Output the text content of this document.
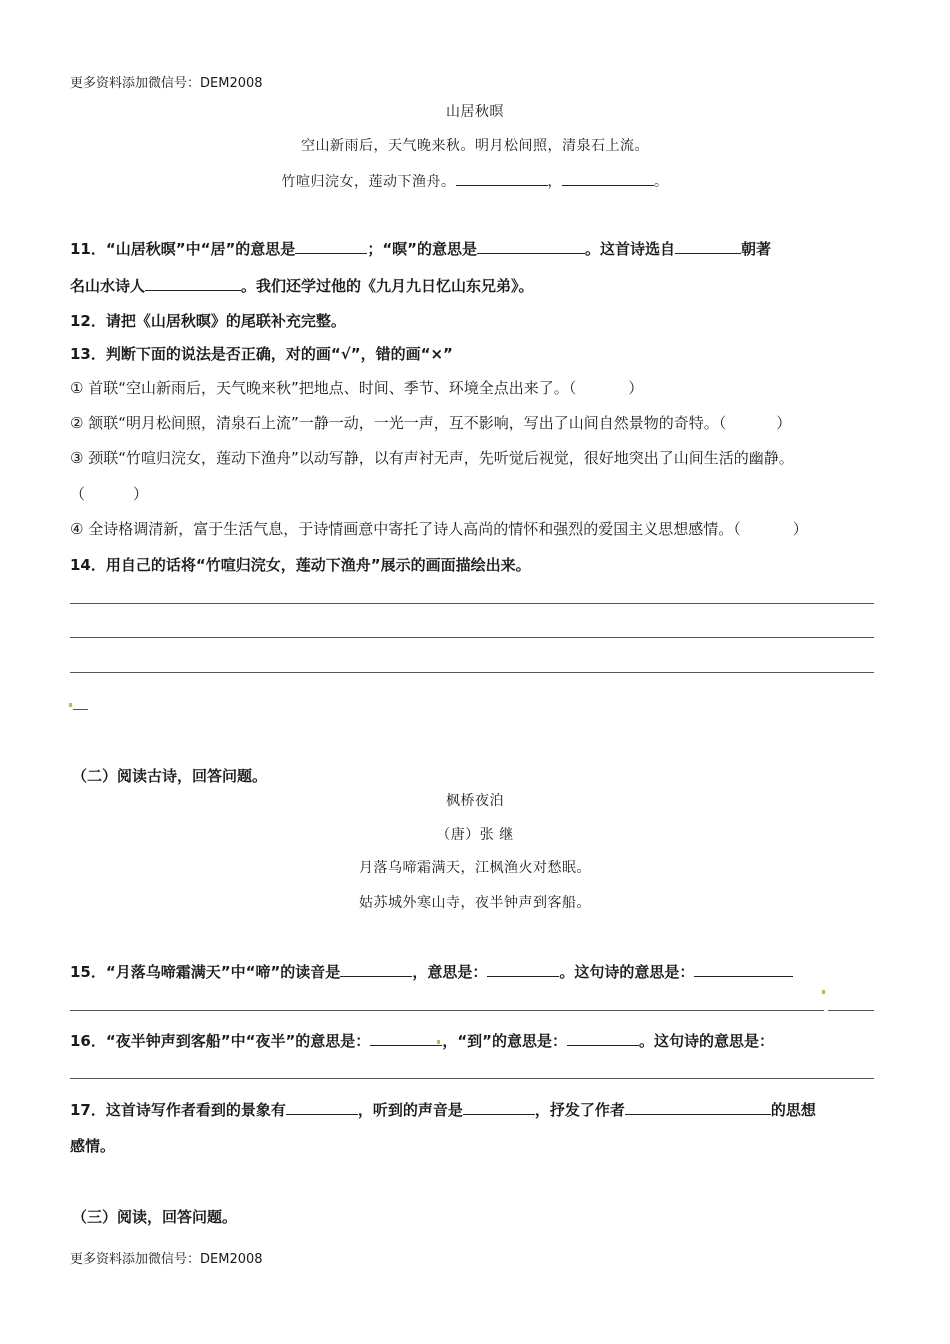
更多资料添加微信号：DEM2008
山居秋暝
空山新雨后，天气晚来秋。明月松间照，清泉石上流。
竹喧归浣女，莲动下渔舟。	，	。
11．“山居秋暝”中“居”的意思是	；“暝”的意思是	。这首诗选自	朝著
名山水诗人	。我们还学过他的《九月九日忆山东兄弟》。
12．请把《山居秋暝》的尾联补充完整。
13．判断下面的说法是否正确，对的画“√”，错的画“×”
① 首联“空山新雨后，天气晚来秋”把地点、时间、季节、环境全点出来了。（	）
② 颔联“明月松间照，清泉石上流”一静一动，一光一声，互不影响，写出了山间自然景物的奇特。（	）
③ 颈联“竹喧归浣女，莲动下渔舟”以动写静，以有声衬无声，先听觉后视觉，很好地突出了山间生活的幽静。
（	）
④ 全诗格调清新，富于生活气息，于诗情画意中寄托了诗人高尚的情怀和强烈的爱国主义思想感情。（	）
14．用自己的话将“竹喧归浣女，莲动下渔舟”展示的画面描绘出来。
（二）阅读古诗，回答问题。
枫桥夜泊
（唐）张 继
月落乌啼霜满天，江枫渔火对愁眠。
姑苏城外寒山寺，夜半钟声到客船。
15．“月落乌啼霜满天”中“啼”的读音是	，意思是：	。这句诗的意思是：
16．“夜半钟声到客船”中“夜半”的意思是：	，“到”的意思是：	。这句诗的意思是：
17．这首诗写作者看到的景象有	，听到的声音是	，抒发了作者	的思想
感情。
（三）阅读，回答问题。
更多资料添加微信号：DEM2008
